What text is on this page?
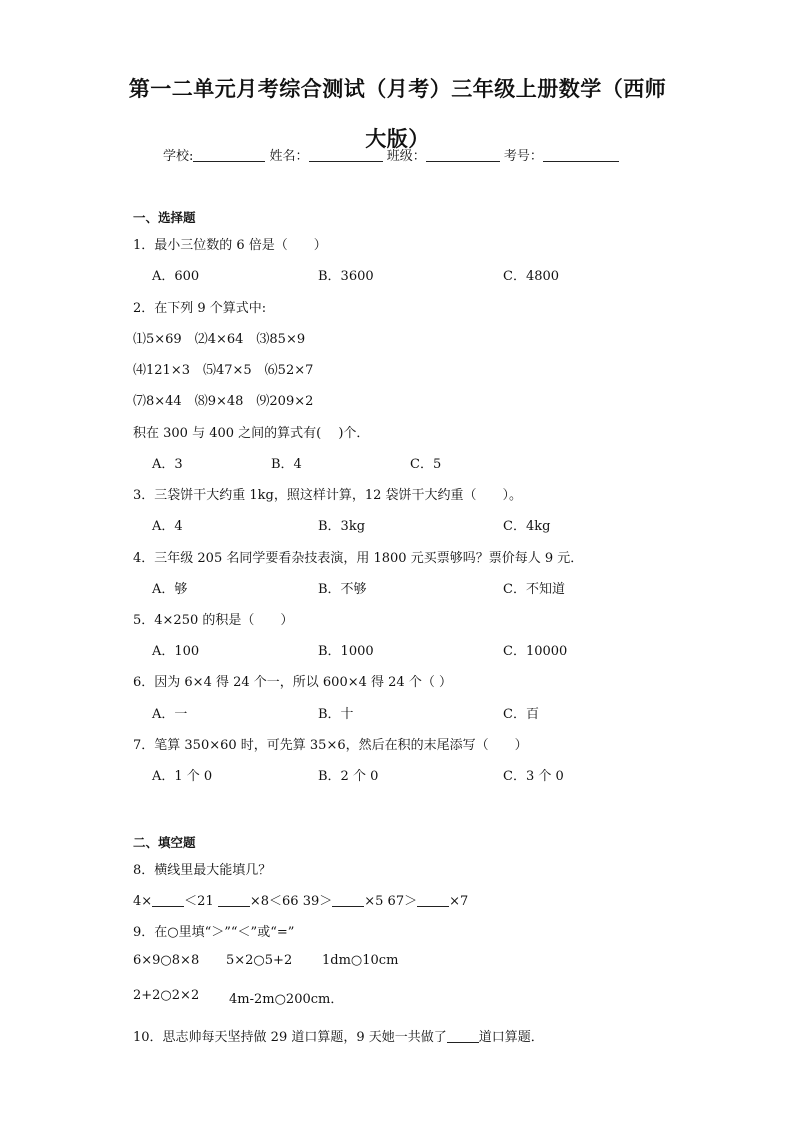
第一二单元月考综合测试（月考）三年级上册数学（西师大版）
学校:	姓名：	班级：	考号：
一、选择题
1．最小三位数的 6 倍是（　　）
A．600	B．3600	C．4800
2．在下列 9 个算式中:
⑴5×69　⑵4×64　⑶85×9
⑷121×3　⑸47×5　⑹52×7
⑺8×44　⑻9×48　⑼209×2
积在 300 与 400 之间的算式有(　 )个．
A．3	B．4	C．5
3．三袋饼干大约重 1kg，照这样计算，12 袋饼干大约重（　　）。
A．4	B．3kg	C．4kg
4．三年级 205 名同学要看杂技表演，用 1800 元买票够吗？票价每人 9 元．
A．够	B．不够	C．不知道
5．4×250 的积是（　　）
A．100	B．1000	C．10000
6．因为 6×4 得 24 个一，所以 600×4 得 24 个（ ）
A．一	B．十	C．百
7．笔算 350×60 时，可先算 35×6，然后在积的末尾添写（　　）
A．1 个 0	B．2 个 0	C．3 个 0
二、填空题
8．横线里最大能填几？
4× ＜21 ×8＜66 39＞ ×5 67＞ ×7
9．在○里填“＞”“＜”或“=”
6×9○8×8 5×2○5+2 1dm○10cm
2+2○2×2 4m-2m○200cm．
10．思志帅每天坚持做 29 道口算题，9 天她一共做了 道口算题．
